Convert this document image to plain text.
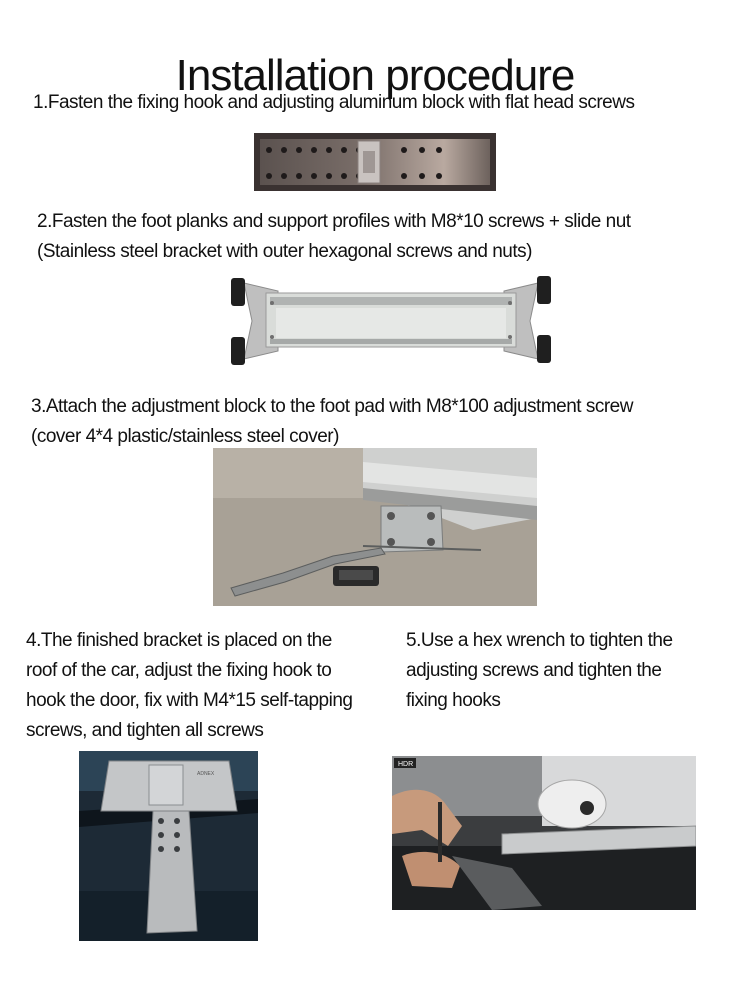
Installation procedure
1.Fasten the fixing hook and adjusting aluminum block with flat head screws
2.Fasten the foot planks and support profiles with M8*10 screws + slide nut
(Stainless steel bracket with outer hexagonal screws and nuts)
3.Attach the adjustment block to the foot pad with M8*100 adjustment screw
(cover 4*4 plastic/stainless steel cover)
4.The finished bracket is placed on the
roof of the car, adjust the fixing hook to
hook the door, fix with M4*15 self-tapping
screws, and tighten all screws
ADNEX
5.Use a hex wrench to tighten the
adjusting screws and tighten the
fixing hooks
HDR
